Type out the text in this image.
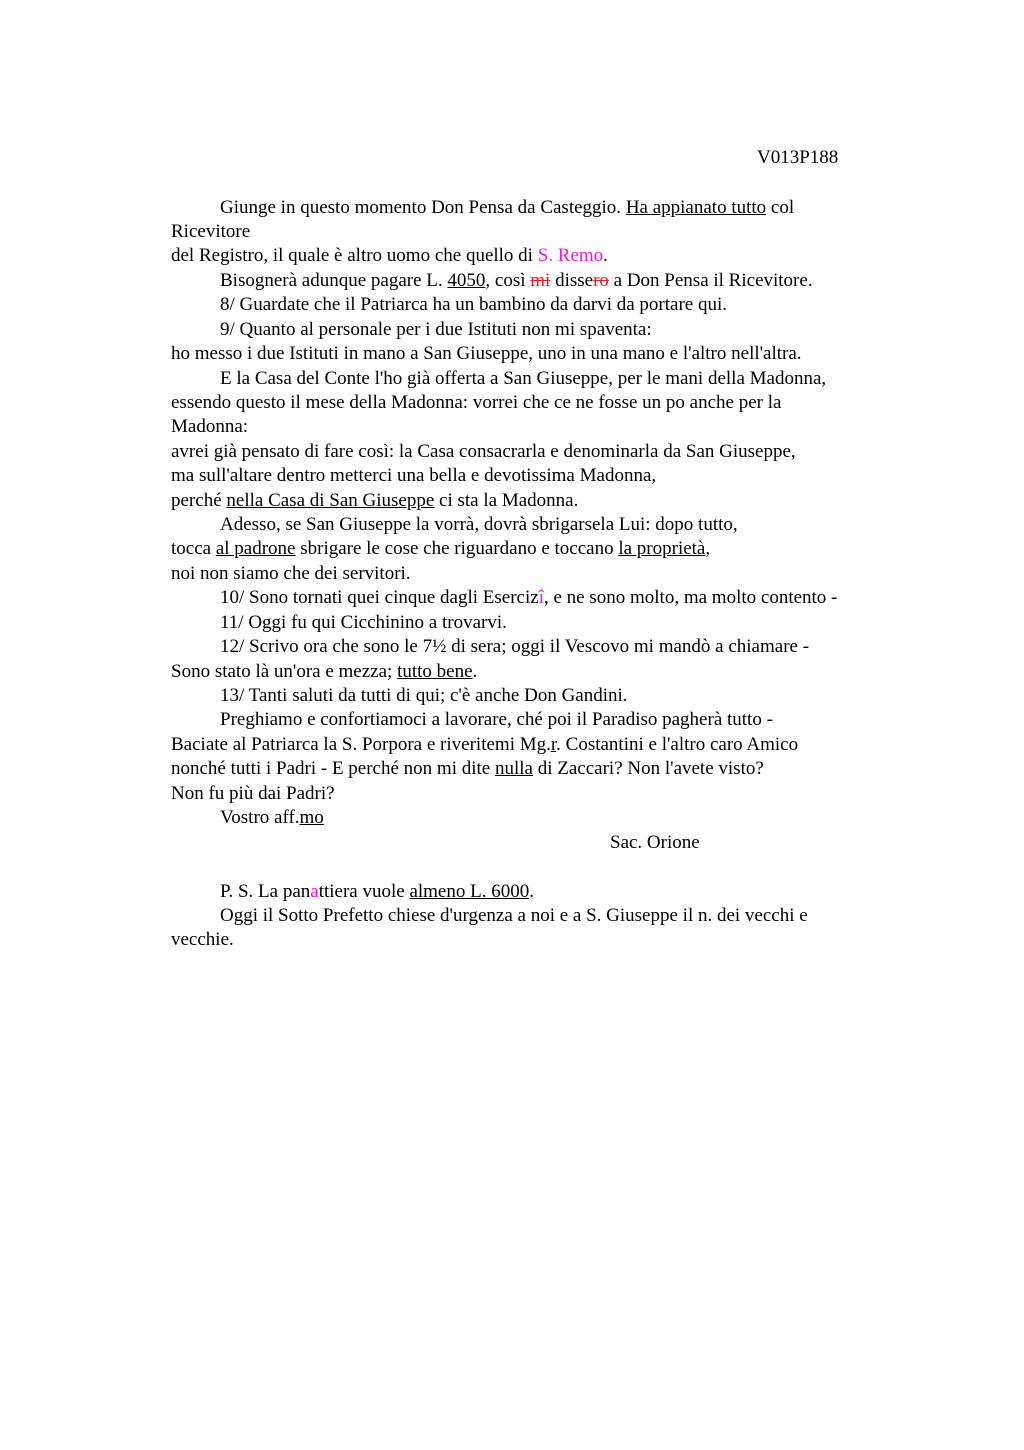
V013P188
Giunge in questo momento Don Pensa da Casteggio. Ha appianato tutto col
Ricevitore
del Registro, il quale è altro uomo che quello di S. Remo.
Bisognerà adunque pagare L. 4050, così mi dissero a Don Pensa il Ricevitore.
8/ Guardate che il Patriarca ha un bambino da darvi da portare qui.
9/ Quanto al personale per i due Istituti non mi spaventa:
ho messo i due Istituti in mano a San Giuseppe, uno in una mano e l'altro nell'altra.
E la Casa del Conte l'ho già offerta a San Giuseppe, per le mani della Madonna,
essendo questo il mese della Madonna: vorrei che ce ne fosse un po anche per la
Madonna:
avrei già pensato di fare così: la Casa consacrarla e denominarla da San Giuseppe,
ma sull'altare dentro metterci una bella e devotissima Madonna,
perché nella Casa di San Giuseppe ci sta la Madonna.
Adesso, se San Giuseppe la vorrà, dovrà sbrigarsela Lui: dopo tutto,
tocca al padrone sbrigare le cose che riguardano e toccano la proprietà,
noi non siamo che dei servitori.
10/ Sono tornati quei cinque dagli Esercizî, e ne sono molto, ma molto contento -
11/ Oggi fu qui Cicchinino a trovarvi.
12/ Scrivo ora che sono le 7½ di sera; oggi il Vescovo mi mandò a chiamare -
Sono stato là un'ora e mezza; tutto bene.
13/ Tanti saluti da tutti di qui; c'è anche Don Gandini.
Preghiamo e confortiamoci a lavorare, ché poi il Paradiso pagherà tutto -
Baciate al Patriarca la S. Porpora e riveritemi Mg.r. Costantini e l'altro caro Amico
nonché tutti i Padri - E perché non mi dite nulla di Zaccari? Non l'avete visto?
Non fu più dai Padri?
Vostro aff.mo
Sac. Orione
P. S. La panattiera vuole almeno L. 6000.
Oggi il Sotto Prefetto chiese d'urgenza a noi e a S. Giuseppe il n. dei vecchi e
vecchie.
